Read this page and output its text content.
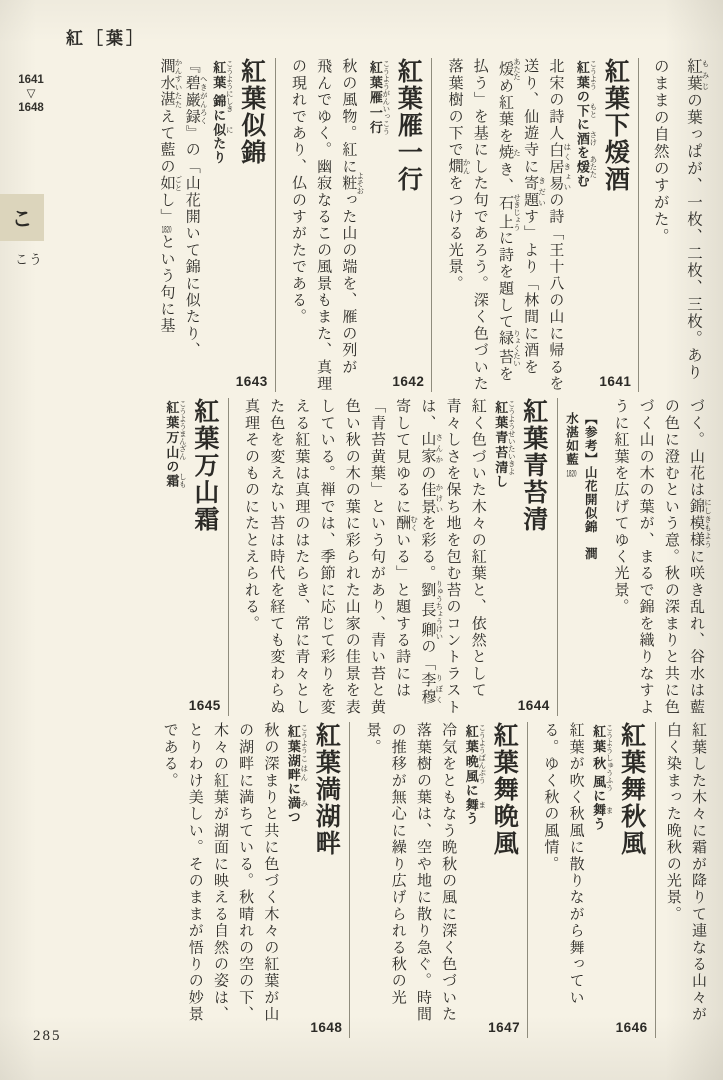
紅［葉］
1641
▽
1648
こ
こう
紅葉 もみじの葉っぱが、一枚、二枚、三枚。ありのままの自然のすがた。
紅葉下煖酒
紅葉 こうようの下 もとに酒 さけを煖 あたたむ
北宋の詩人白居易 はくきょいの詩「王十八の山に帰るを送り、仙遊寺に寄題 きだいす」より「林間に酒を煖 あたため紅葉を焼 たき、石上 せきじょうに詩を題して緑苔 りょくたいを払う」を基にした句であろう。深く色づいた落葉樹の下で燗 かんをつける光景。
1641
紅葉雁一行
紅葉雁一行 こうようがんいっこう
秋の風物。紅に粧 よそおった山の端を、雁の列が飛んでゆく。幽寂なるこの風景もまた、真理の現れであり、仏のすがたである。
1642
紅葉似錦
紅葉 こうよう錦 にしきに似 にたり
『碧巌録 へきがんろく』の「山花開いて錦に似たり、澗水 かんすい湛 たたえて藍の如 ごとし」1820という句に基
1643
づく。山花は錦模様 にしきもように咲き乱れ、谷水は藍の色に澄むという意。秋の深まりと共に色づく山の木の葉が、まるで錦を織りなすように紅葉を広げてゆく光景。
【参考】山花開似錦　澗水湛如藍1820
紅葉青苔清
紅葉青苔清 こうようせいたいきよし
紅く色づいた木々の紅葉と、依然として青々しさを保ち地を包む苔のコントラストは、山家 さんかの佳景 かけいを彩る。劉長卿 りゅうちょうけいの「李穆 りぼく寄して見ゆるに酬 むくいる」と題する詩には「青苔黄葉」という句があり、青い苔と黄色い秋の木の葉に彩られた山家の佳景を表している。禅では、季節に応じて彩りを変える紅葉は真理のはたらき、常に青々とした色を変えない苔は時代を経ても変わらぬ真理そのものにたとえられる。
1644
紅葉万山霜
紅葉万山 こうようまんざんの霜 しも
1645
紅葉した木々に霜が降りて連なる山々が白く染まった晩秋の光景。
紅葉舞秋風
紅葉 こうよう秋風 しゅうふうに舞 まう
紅葉が吹く秋風に散りながら舞っている。ゆく秋の風情。
1646
紅葉舞晩風
紅葉 こうよう晩風 ばんぷうに舞 まう
冷気をともなう晩秋の風に深く色づいた落葉樹の葉は、空や地に散り急ぐ。時間の推移が無心に繰り広げられる秋の光景。
1647
紅葉満湖畔
紅葉 こうよう湖畔 こはんに満 みつ
秋の深まりと共に色づく木々の紅葉が山の湖畔に満ちている。秋晴れの空の下、木々の紅葉が湖面に映える自然の姿は、とりわけ美しい。そのままが悟りの妙景である。
1648
285
